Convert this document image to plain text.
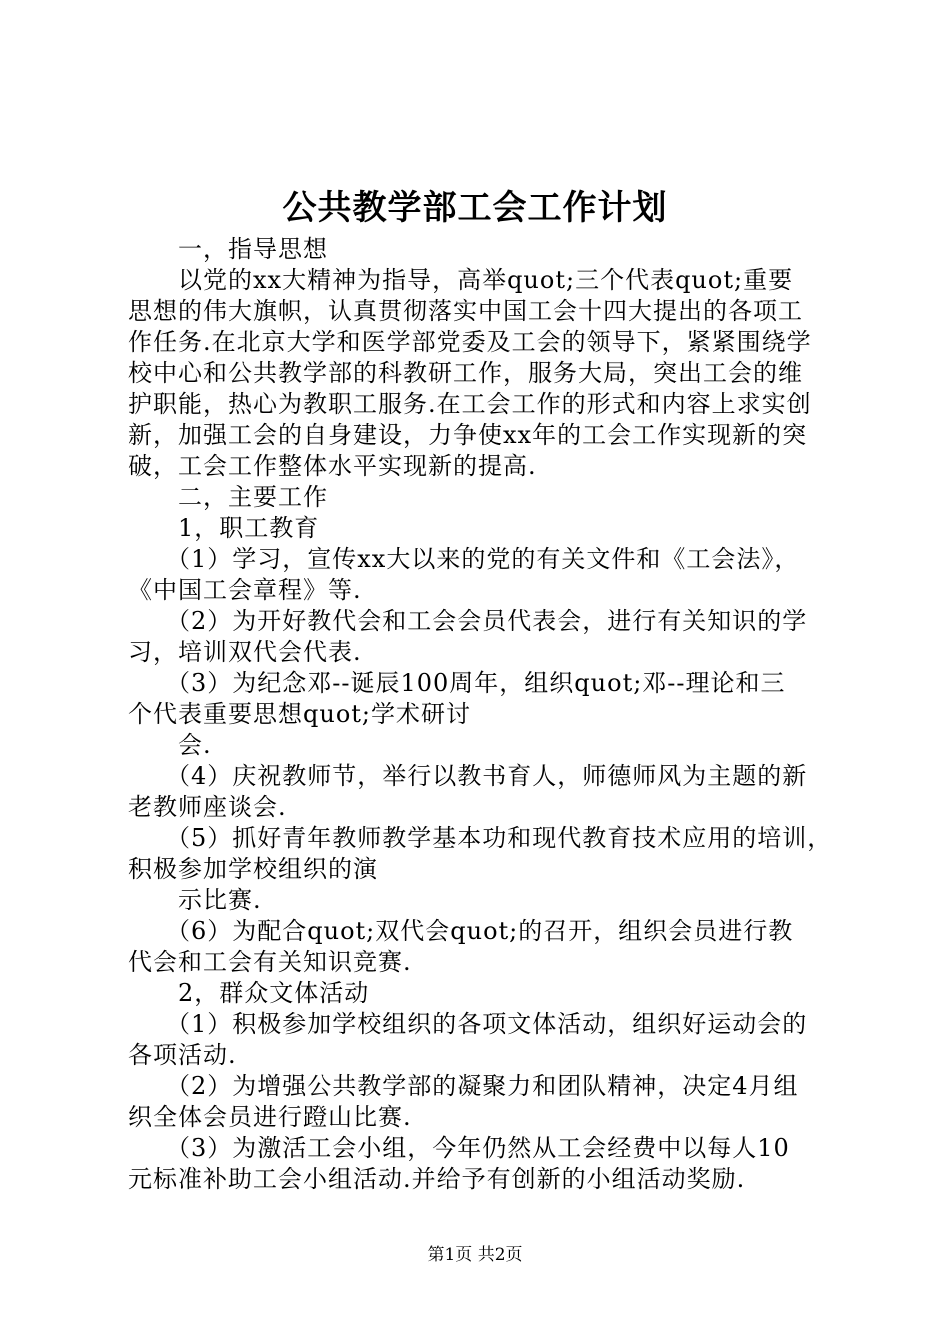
公共教学部工会工作计划

　　一，指导思想

　　以党的xx大精神为指导，高举quot;三个代表quot;重要

思想的伟大旗帜，认真贯彻落实中国工会十四大提出的各项工

作任务.在北京大学和医学部党委及工会的领导下，紧紧围绕学

校中心和公共教学部的科教研工作，服务大局，突出工会的维

护职能，热心为教职工服务.在工会工作的形式和内容上求实创

新，加强工会的自身建设，力争使xx年的工会工作实现新的突

破，工会工作整体水平实现新的提高.

　　二，主要工作

　　1，职工教育

　　（1）学习，宣传xx大以来的党的有关文件和《工会法》，

《中国工会章程》等.

　　（2）为开好教代会和工会会员代表会，进行有关知识的学

习，培训双代会代表.

　　（3）为纪念邓--诞辰100周年，组织quot;邓--理论和三

个代表重要思想quot;学术研讨

　　会.

　　（4）庆祝教师节，举行以教书育人，师德师风为主题的新

老教师座谈会.

　　（5）抓好青年教师教学基本功和现代教育技术应用的培训，

积极参加学校组织的演

　　示比赛.

　　（6）为配合quot;双代会quot;的召开，组织会员进行教

代会和工会有关知识竞赛.

　　2，群众文体活动

　　（1）积极参加学校组织的各项文体活动，组织好运动会的

各项活动.

　　（2）为增强公共教学部的凝聚力和团队精神，决定4月组

织全体会员进行蹬山比赛.

　　（3）为激活工会小组，今年仍然从工会经费中以每人10

元标准补助工会小组活动.并给予有创新的小组活动奖励.

第1页 共2页
